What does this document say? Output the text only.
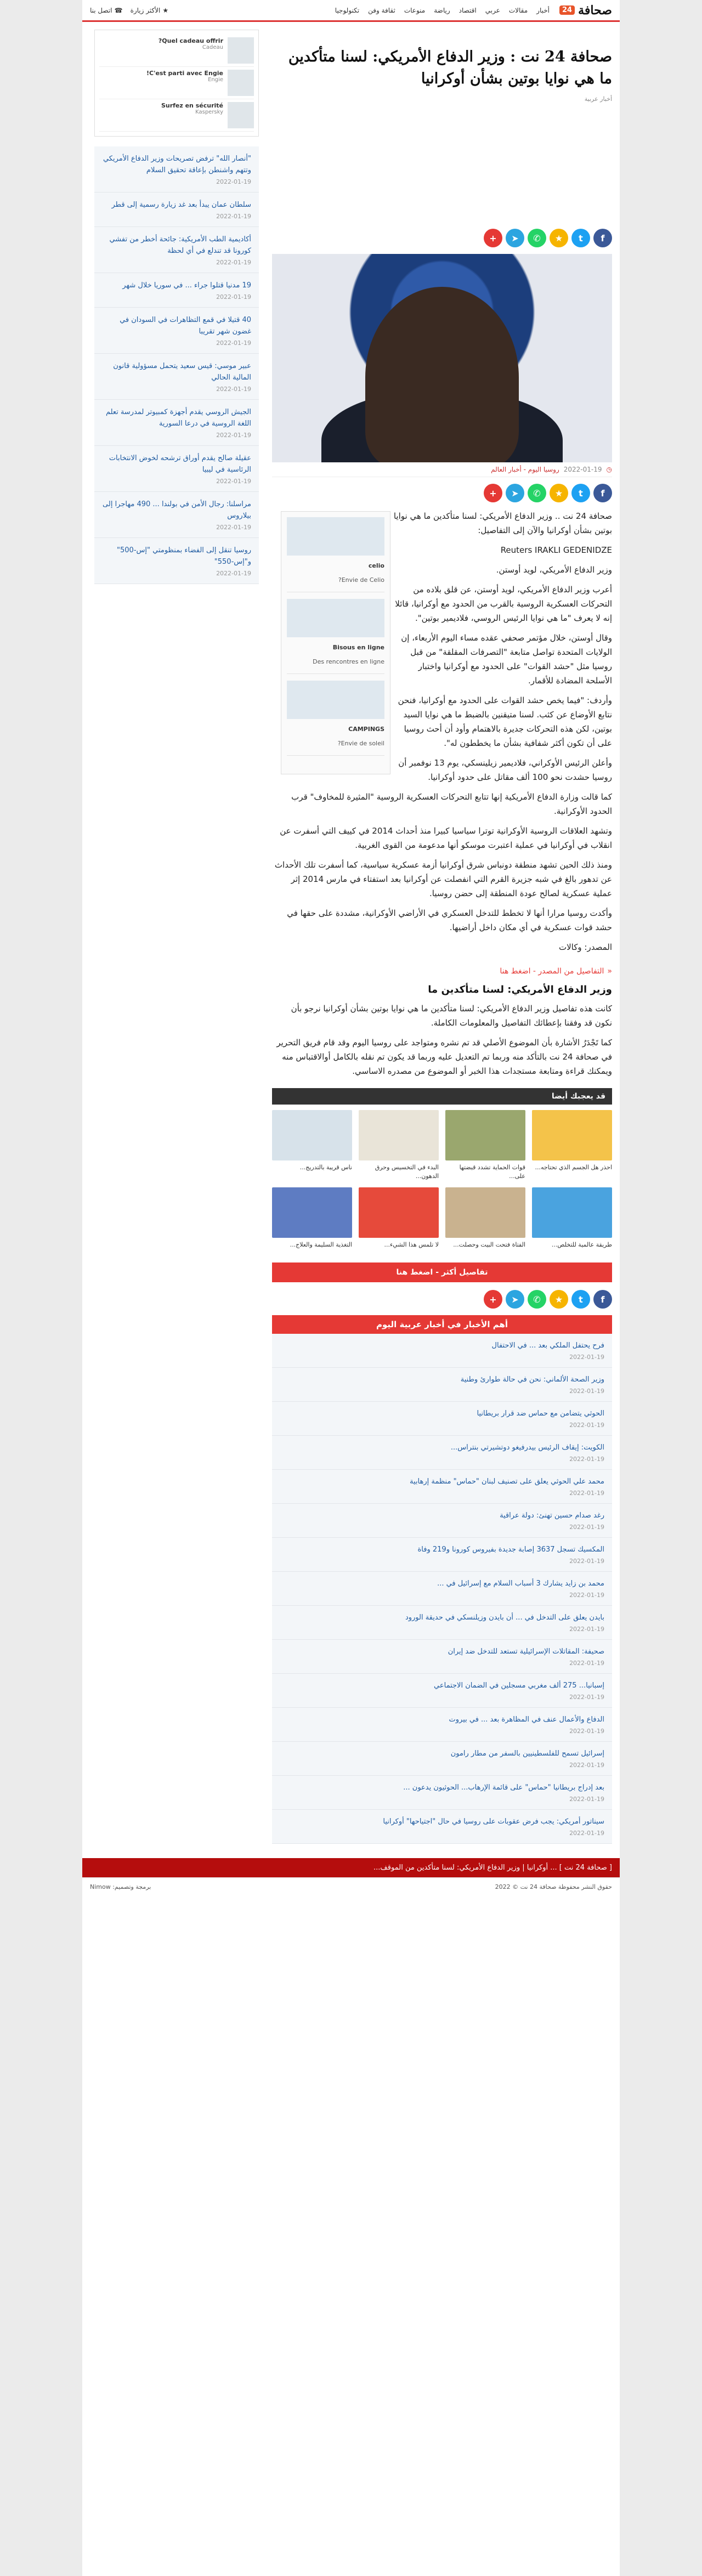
صحافة
24
أخبار
مقالات
عربي
اقتصاد
رياضة
منوعات
ثقافة وفن
تكنولوجيا
★
الأكثر زيارة
☎
اتصل بنا
صحافة 24 نت : وزير الدفاع الأمريكي: لسنا متأكدين ما هي نوايا بوتين بشأن أوكرانيا
أخبار عربية
f
t
★
✆
➤
+
◷
2022-01-19
روسيا اليوم - أخبار العالم
f
t
★
✆
➤
+
celio
Envie de Celio?
Bisous en ligne
Des rencontres en ligne
CAMPINGS
Envie de soleil?

صحافة 24 نت .. وزير الدفاع الأمريكي: لسنا متأكدين ما هي نوايا بوتين بشأن أوكرانيا والآن إلى التفاصيل:

Reuters IRAKLI GEDENIDZE

وزير الدفاع الأمريكي، لويد أوستن.

أعرب وزير الدفاع الأمريكي، لويد أوستن، عن قلق بلاده من التحركات العسكرية الروسية بالقرب من الحدود مع أوكرانيا، قائلا إنه لا يعرف "ما هي نوايا الرئيس الروسي، فلاديمير بوتين".

وقال أوستن، خلال مؤتمر صحفي عقده مساء اليوم الأربعاء، إن الولايات المتحدة تواصل متابعة "التصرفات المقلقة" من قبل روسيا مثل "حشد القوات" على الحدود مع أوكرانيا واختبار الأسلحة المضادة للأقمار.

وأردف: "فيما يخص حشد القوات على الحدود مع أوكرانيا، فنحن نتابع الأوضاع عن كثب. لسنا متيقنين بالضبط ما هي نوايا السيد بوتين، لكن هذه التحركات جديرة بالاهتمام وأود أن أحث روسيا على أن تكون أكثر شفافية بشأن ما يخططون له".

وأعلن الرئيس الأوكراني، فلاديمير زيلينسكي، يوم 13 نوفمبر أن روسيا حشدت نحو 100 ألف مقاتل على حدود أوكرانيا.

كما قالت وزارة الدفاع الأمريكية إنها تتابع التحركات العسكرية الروسية "المثيرة للمخاوف" قرب الحدود الأوكرانية.

وتشهد العلاقات الروسية الأوكرانية توترا سياسيا كبيرا منذ أحداث 2014 في كييف التي أسفرت عن انقلاب في أوكرانيا في عملية اعتبرت موسكو أنها مدعومة من القوى الغربية.

ومنذ ذلك الحين تشهد منطقة دونباس شرق أوكرانيا أزمة عسكرية سياسية، كما أسفرت تلك الأحداث عن تدهور بالغ في شبه جزيرة القرم التي انفصلت عن أوكرانيا بعد استفتاء في مارس 2014 إثر عملية عسكرية لصالح عودة المنطقة إلى حضن روسيا.

وأكدت روسيا مرارا أنها لا تخطط للتدخل العسكري في الأراضي الأوكرانية، مشددة على حقها في حشد قوات عسكرية في أي مكان داخل أراضيها.

المصدر: وكالات

«
التفاصيل من المصدر - اضغط هنا
وزير الدفاع الأمريكي: لسنا متأكدين ما

كانت هذه تفاصيل وزير الدفاع الأمريكي: لسنا متأكدين ما هي نوايا بوتين بشأن أوكرانيا نرجو بأن نكون قد وفقنا بإعطائك التفاصيل والمعلومات الكاملة.

كما تَجْدَرُ الأشارة بأن الموضوع الأصلي قد تم نشره ومتواجد على روسيا اليوم وقد قام فريق التحرير في صحافة 24 نت بالتأكد منه وربما تم التعديل عليه وربما قد يكون تم نقله بالكامل أوالاقتباس منه ويمكنك قراءة ومتابعة مستجدات هذا الخبر أو الموضوع من مصدره الاساسي.

قد يعجبك أيضا
احذر هل الجسم الذي تحتاجه...
قوات الحماية تشدد قبضتها على...
البدء في التخسيس وحرق الدهون...
ناس قريبة بالتدريج...
طريقة عالمية للتخلص...
الفتاة فتحت البيت وحصلت...
لا تلمس هذا الشيء...
التغذية السليمة والعلاج...
تفاصيل أكثر - اضغط هنا
f
t
★
✆
➤
+
أهم الأخبار في أخبار عربية اليوم
فرح يحتفل الملكي بعد ... في الاحتفال
2022-01-19
وزير الصحة الألماني: نحن في حالة طوارئ وطنية
2022-01-19
الحوثي يتضامن مع حماس ضد قرار بريطانيا
2022-01-19
الكويت: إيقاف الرئيس بيدرفيغو دوتشيرتي بنتراس...
2022-01-19
محمد علي الحوثي يعلق على تصنيف لبنان "حماس" منظمة إرهابية
2022-01-19
رغد صدام حسين تهنئ: دولة عراقية
2022-01-19
المكسيك تسجل 3637 إصابة جديدة بفيروس كورونا و219 وفاة
2022-01-19
محمد بن زايد يشارك 3 أسباب السلام مع إسرائيل في ...
2022-01-19
بايدن يعلق على التدخل في ... أن بايدن وزيلنسكي في حديقة الورود
2022-01-19
صحيفة: المقاتلات الإسرائيلية تستعد للتدخل ضد إيران
2022-01-19
إسبانيا... 275 ألف مغربي مسجلين في الضمان الاجتماعي
2022-01-19
الدفاع والأعمال عنف في المظاهرة بعد ... في بيروت
2022-01-19
إسرائيل تسمح للفلسطينيين بالسفر من مطار رامون
2022-01-19
بعد إدراج بريطانيا "حماس" على قائمة الإرهاب... الحوثيون يدعون ...
2022-01-19
سيناتور أمريكي: يجب فرض عقوبات على روسيا في حال "اجتياحها" أوكرانيا
2022-01-19
Quel cadeau offrir?
Cadeau
C'est parti avec Engie!
Engie
Surfez en sécurité
Kaspersky
"أنصار الله" ترفض تصريحات وزير الدفاع الأمريكي وتتهم واشنطن بإعاقة تحقيق السلام
2022-01-19
سلطان عمان يبدأ بعد غد زيارة رسمية إلى قطر
2022-01-19
أكاديمية الطب الأمريكية: جائحة أخطر من تفشي كورونا قد تندلع في أي لحظة
2022-01-19
19 مدنيا قتلوا جراء ... في سوريا خلال شهر
2022-01-19
40 قتيلا في قمع التظاهرات في السودان في غضون شهر تقريبا
2022-01-19
عبير موسي: قيس سعيد يتحمل مسؤولية قانون المالية الحالي
2022-01-19
الجيش الروسي يقدم أجهزة كمبيوتر لمدرسة تعلم اللغة الروسية في درعا السورية
2022-01-19
عقيلة صالح يقدم أوراق ترشحه لخوض الانتخابات الرئاسية في ليبيا
2022-01-19
مراسلنا: رجال الأمن في بولندا ... 490 مهاجرا إلى بيلاروس
2022-01-19
روسيا تنقل إلى الفضاء بمنظومتي "إس-500" و"إس-550"
2022-01-19
[ صحافة 24 نت ] ... أوكرانيا | وزير الدفاع الأمريكي: لسنا متأكدين من الموقف...
حقوق النشر محفوظة صحافة 24 نت © 2022
برمجة وتصميم: Nimow
